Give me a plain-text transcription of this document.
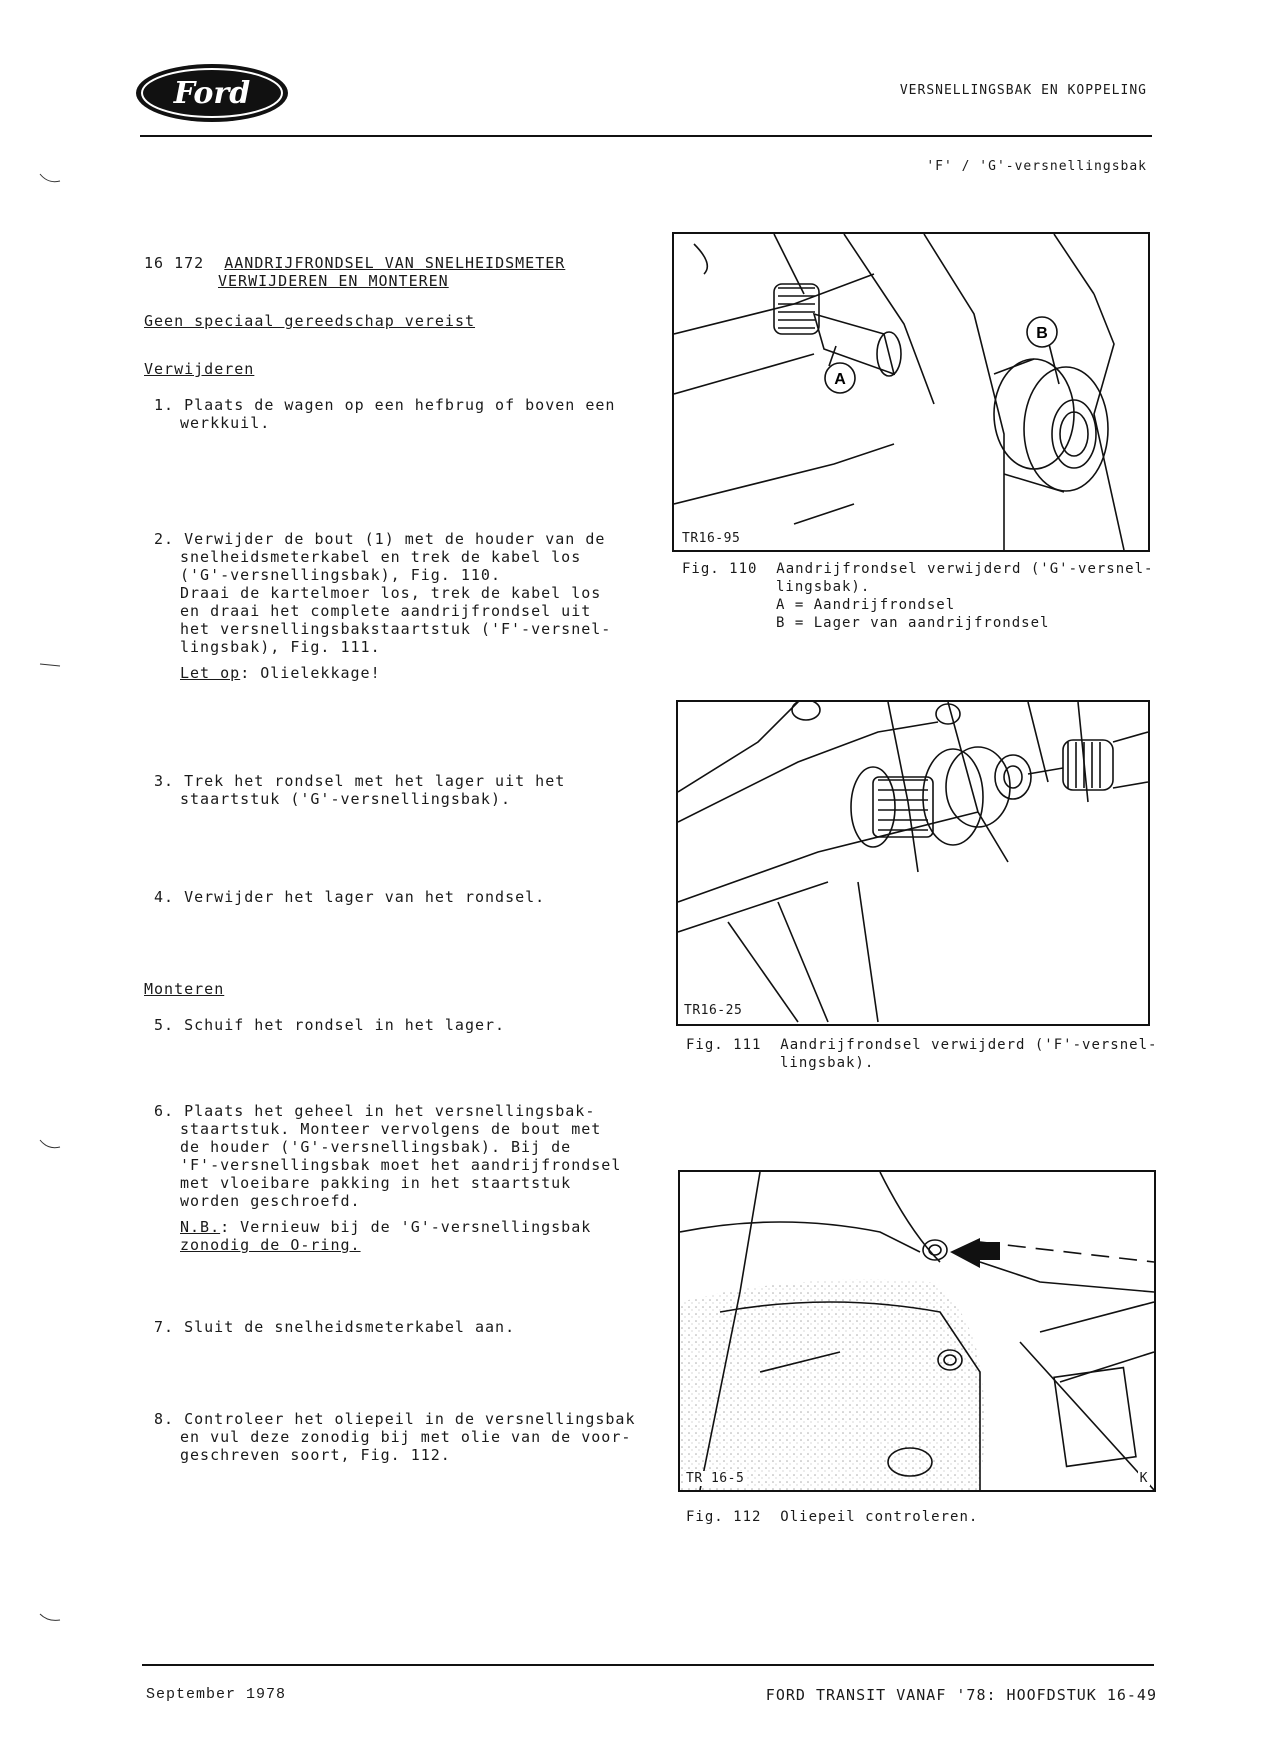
Ford	VERSNELLINGSBAK EN KOPPELING
'F' / 'G'-versnellingsbak
16 172 AANDRIJFRONDSEL VAN SNELHEIDSMETER
VERWIJDEREN EN MONTEREN
Geen speciaal gereedschap vereist
Verwijderen
1. Plaats de wagen op een hefbrug of boven een
werkkuil.
2. Verwijder de bout (1) met de houder van de
snelheidsmeterkabel en trek de kabel los
('G'-versnellingsbak), Fig. 110.
Draai de kartelmoer los, trek de kabel los
en draai het complete aandrijfrondsel uit
het versnellingsbakstaartstuk ('F'-versnel-
lingsbak), Fig. 111.
Let op: Olielekkage!
3. Trek het rondsel met het lager uit het
staartstuk ('G'-versnellingsbak).
4. Verwijder het lager van het rondsel.
Monteren
5. Schuif het rondsel in het lager.
6. Plaats het geheel in het versnellingsbak-
staartstuk. Monteer vervolgens de bout met
de houder ('G'-versnellingsbak). Bij de
'F'-versnellingsbak moet het aandrijfrondsel
met vloeibare pakking in het staartstuk
worden geschroefd.
N.B.: Vernieuw bij de 'G'-versnellingsbak
zonodig de O-ring.
7. Sluit de snelheidsmeterkabel aan.
8. Controleer het oliepeil in de versnellingsbak
en vul deze zonodig bij met olie van de voor-
geschreven soort, Fig. 112.
A
B
TR16-95
Fig. 110 Aandrijfrondsel verwijderd ('G'-versnel-
lingsbak).
A = Aandrijfrondsel
B = Lager van aandrijfrondsel
TR16-25
Fig. 111 Aandrijfrondsel verwijderd ('F'-versnel-
lingsbak).
TR 16-5	K
Fig. 112 Oliepeil controleren.
September 1978	FORD TRANSIT VANAF '78: HOOFDSTUK 16-49
